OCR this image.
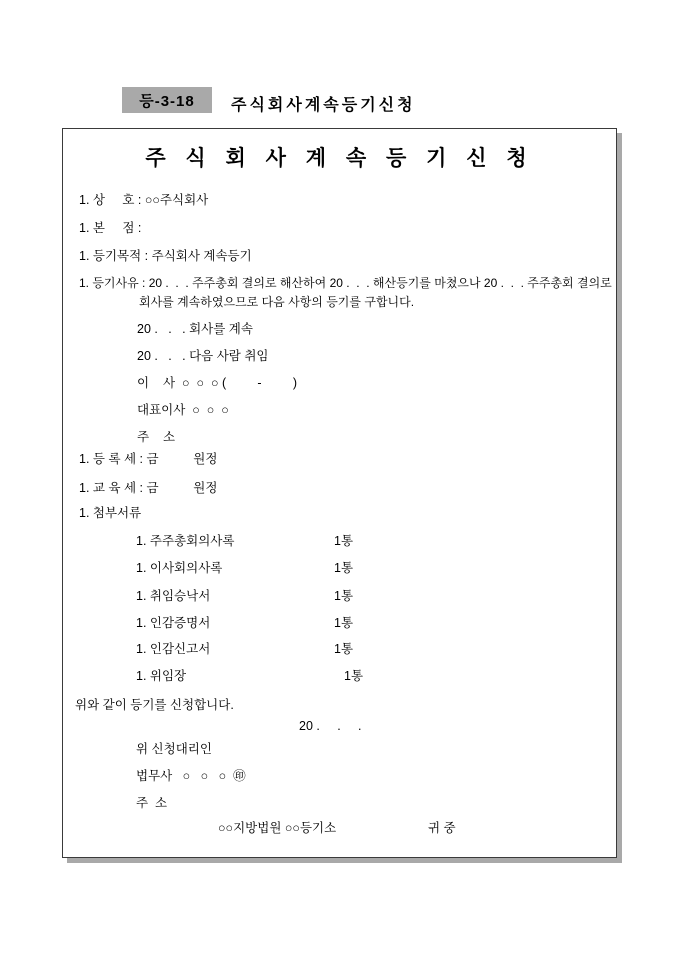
등-3-18	주식회사계속등기신청
주 식 회 사 계 속 등 기 신 청
1. 상     호 : ○○주식회사
1. 본     점 :
1. 등기목적 : 주식회사 계속등기
1. 등기사유 : 20 .  .  . 주주총회 결의로 해산하여 20 .  .  . 해산등기를 마쳤으나 20 .  .  . 주주총회 결의로
회사를 계속하였으므로 다음 사항의 등기를 구합니다.
20 .   .   . 회사를 계속
20 .   .   . 다음 사람 취임
이    사  ○  ○  ○ (         -         )
대표이사  ○  ○  ○
주    소
1. 등 록 세 : 금          원정
1. 교 육 세 : 금          원정
1. 첨부서류
1. 주주총회의사록	1통
1. 이사회의사록	1통
1. 취임승낙서	1통
1. 인감증명서	1통
1. 인감신고서	1통
1. 위임장	1통
위와 같이 등기를 신청합니다.
20 .     .     .
위 신청대리인
법무사   ○   ○   ○  ㊞
주  소
○○지방법원 ○○등기소	귀 중
